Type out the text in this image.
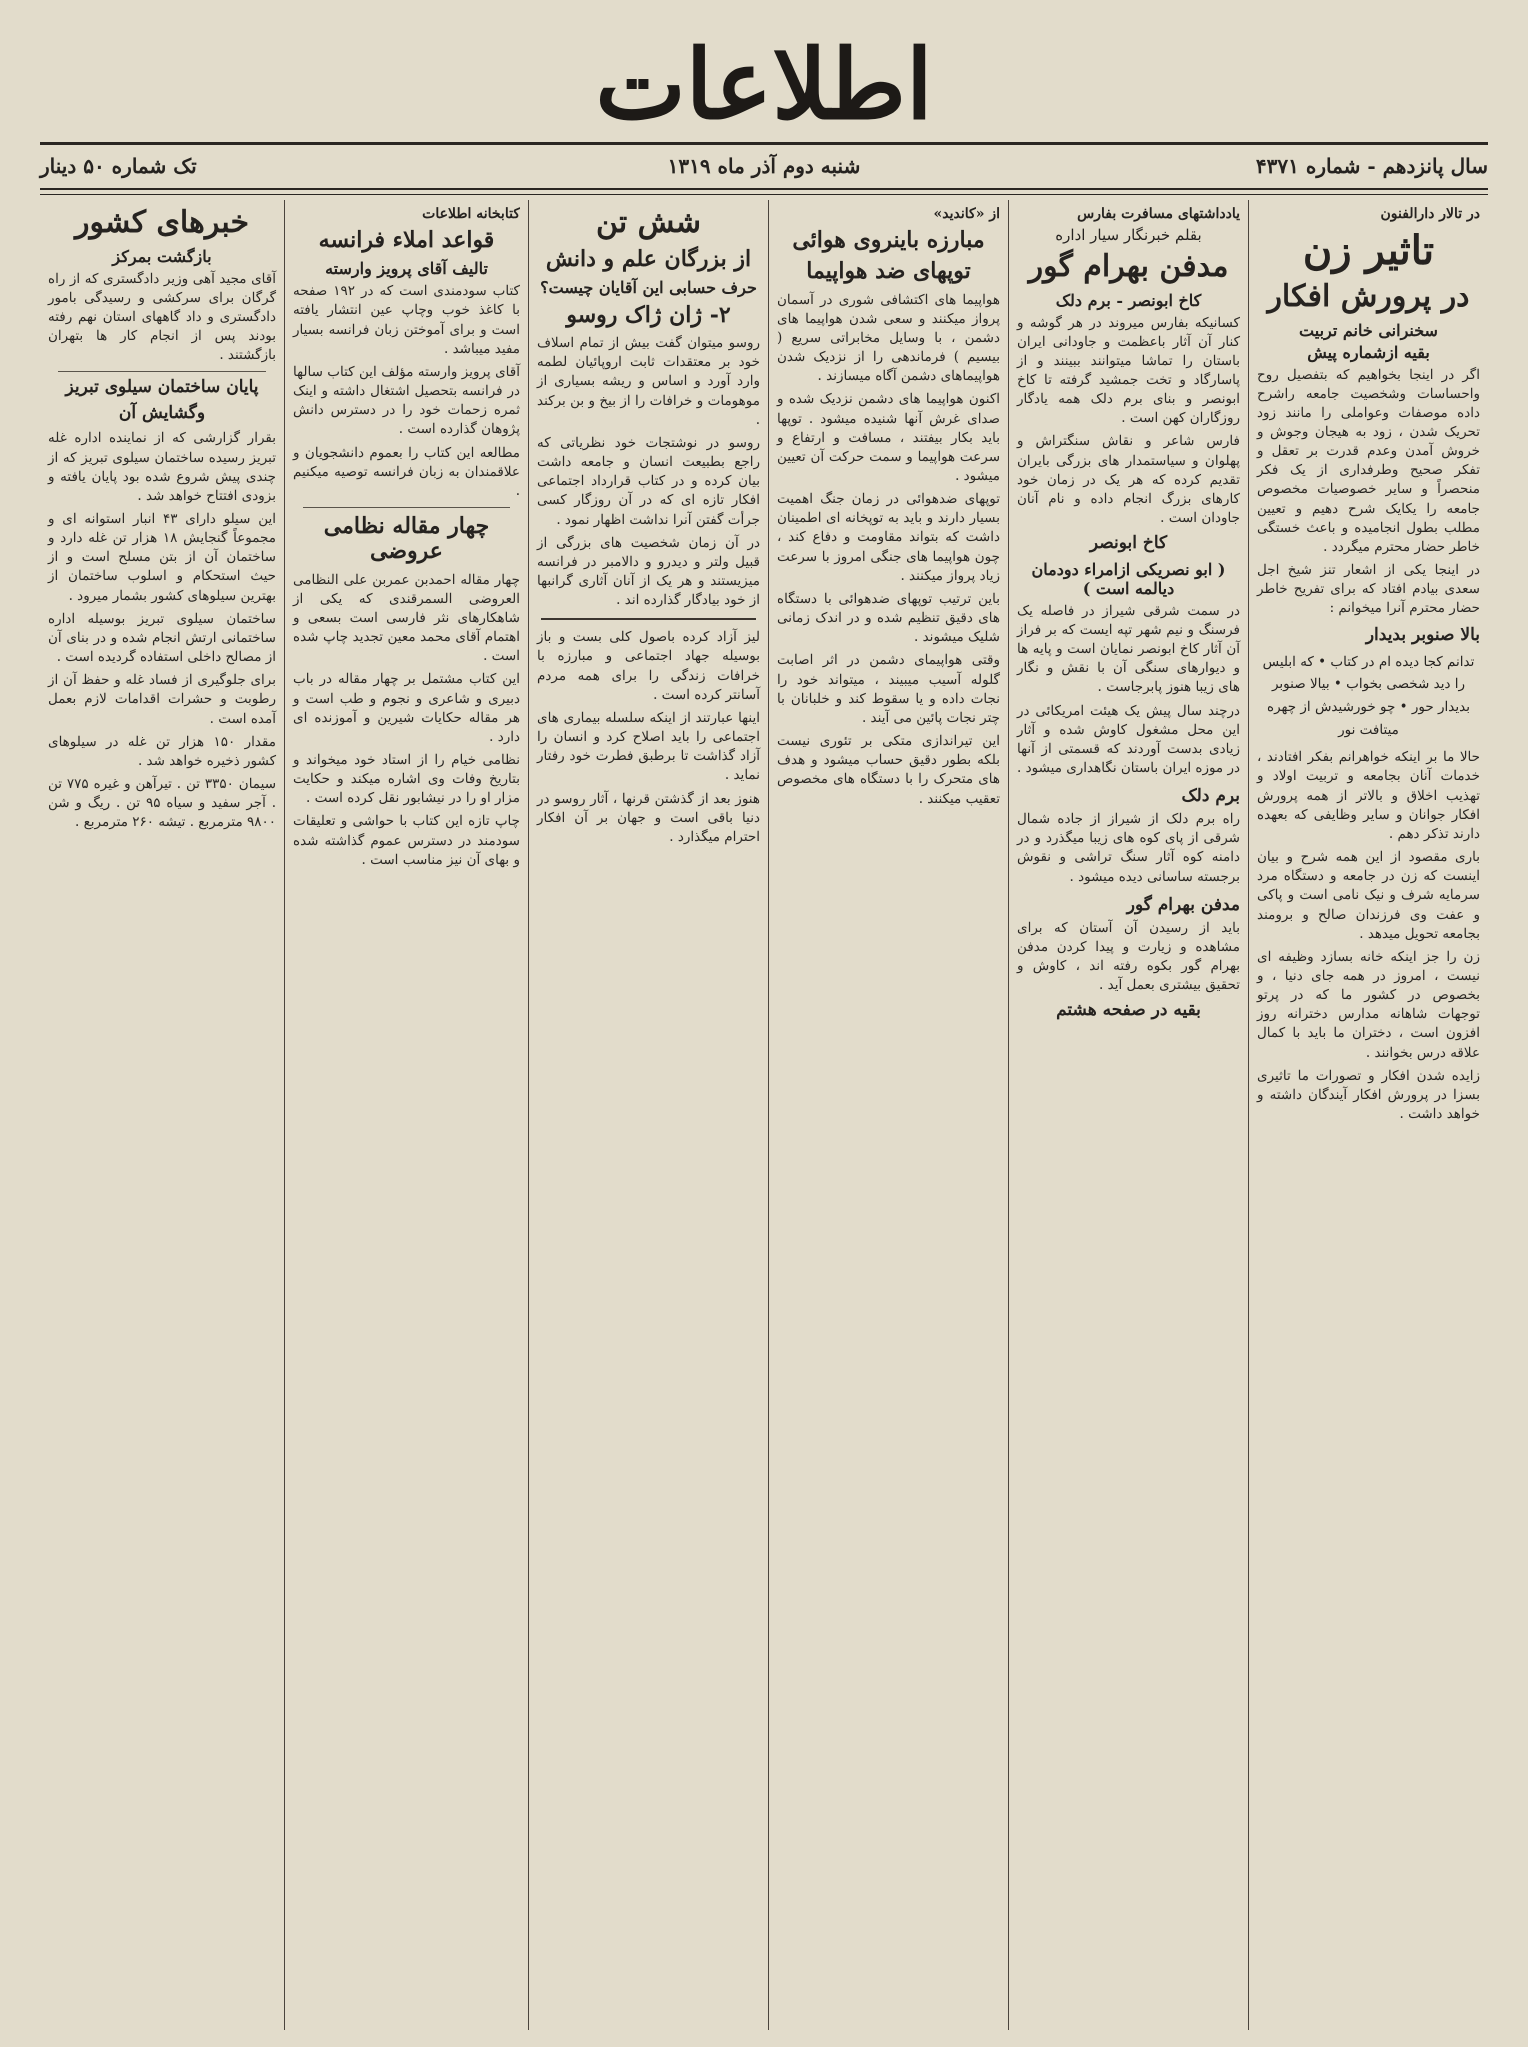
اطلاعات
سال پانزدهم - شماره ۴۳۷۱
شنبه دوم آذر ماه ۱۳۱۹
تک شماره ۵۰ دینار
در تالار دارالفنون
تاثیر زن
در پرورش افکار
سخنرانی خانم تربیت
بقیه ازشماره پیش
اگر در اینجا بخواهیم که بتفصیل روح واحساسات وشخصیت جامعه راشرح داده موصفات وعواملی را مانند زود تحریک شدن ، زود به هیجان وجوش و خروش آمدن وعدم قدرت بر تعقل و تفکر صحیح وطرفداری از یک فکر منحصراً و سایر خصوصیات مخصوص جامعه را یکایک شرح دهیم و تعیین مطلب بطول انجامیده و باعث خستگی خاطر حضار محترم میگردد .
در اینجا یکی از اشعار تنز شیخ اجل سعدی بیادم افتاد که برای تفریح خاطر حضار محترم آنرا میخوانم :
بالا صنوبر بدیدار
تدانم کجا دیده ام در کتاب • که ابلیس را دید شخصی بخواب • بیالا صنوبر بدیدار حور • چو خورشیدش از چهره میتافت نور
حالا ما بر اینکه خواهرانم بفکر افتادند ، خدمات آنان بجامعه و تربیت اولاد و تهذیب اخلاق و بالاتر از همه پرورش افکار جوانان و سایر وظایفی که بعهده دارند تذکر دهم .
باری مقصود از این همه شرح و بیان اینست که زن در جامعه و دستگاه مرد سرمایه شرف و نیک نامی است و پاکی و عفت وی فرزندان صالح و برومند بجامعه تحویل میدهد .
زن را جز اینکه خانه بسازد وظیفه ای نیست ، امروز در همه جای دنیا ، و بخصوص در کشور ما که در پرتو توجهات شاهانه مدارس دخترانه روز افزون است ، دختران ما باید با کمال علاقه درس بخوانند .
زایده شدن افکار و تصورات ما تاثیری بسزا در پرورش افکار آیندگان داشته و خواهد داشت .

یادداشتهای مسافرت بفارس
بقلم خبرنگار سیار اداره
مدفن بهرام گور
کاخ ابونصر - برم دلک
کسانیکه بفارس میروند در هر گوشه و کنار آن آثار باعظمت و جاودانی ایران باستان را تماشا میتوانند ببینند و از پاسارگاد و تخت جمشید گرفته تا کاخ ابونصر و بنای برم دلک همه یادگار روزگاران کهن است .
فارس شاعر و نقاش سنگتراش و پهلوان و سیاستمدار های بزرگی بایران تقدیم کرده که هر یک در زمان خود کارهای بزرگ انجام داده و نام آنان جاودان است .
کاخ ابونصر
( ابو نصریکی ازامراء دودمان دیالمه است )
در سمت شرقی شیراز در فاصله یک فرسنگ و نیم شهر تپه ایست که بر فراز آن آثار کاخ ابونصر نمایان است و پایه ها و دیوارهای سنگی آن با نقش و نگار های زیبا هنوز پابرجاست .
درچند سال پیش یک هیئت امریکائی در این محل مشغول کاوش شده و آثار زیادی بدست آوردند که قسمتی از آنها در موزه ایران باستان نگاهداری میشود .
برم دلک
راه برم دلک از شیراز از جاده شمال شرقی از پای کوه های زیبا میگذرد و در دامنه کوه آثار سنگ تراشی و نقوش برجسته ساسانی دیده میشود .
مدفن بهرام گور
باید از رسیدن آن آستان که برای مشاهده و زیارت و پیدا کردن مدفن بهرام گور بکوه رفته اند ، کاوش و تحقیق بیشتری بعمل آید .
بقیه در صفحه هشتم
از «کاندید»
مبارزه باینروی هوائی
توپهای ضد هواپیما
هواپیما های اکتشافی شوری در آسمان پرواز میکنند و سعی شدن هواپیما های دشمن ، با وسایل مخابراتی سریع ( بیسیم ) فرماندهی را از نزدیک شدن هواپیماهای دشمن آگاه میسازند .
اکنون هواپیما های دشمن نزدیک شده و صدای غرش آنها شنیده میشود . توپها باید بکار بیفتند ، مسافت و ارتفاع و سرعت هواپیما و سمت حرکت آن تعیین میشود .
توپهای ضدهوائی در زمان جنگ اهمیت بسیار دارند و باید به توپخانه ای اطمینان داشت که بتواند مقاومت و دفاع کند ، چون هواپیما های جنگی امروز با سرعت زیاد پرواز میکنند .
باین ترتیب توپهای ضدهوائی با دستگاه های دقیق تنظیم شده و در اندک زمانی شلیک میشوند .
وقتی هواپیمای دشمن در اثر اصابت گلوله آسیب میبیند ، میتواند خود را نجات داده و یا سقوط کند و خلبانان با چتر نجات پائین می آیند .
این تیراندازی متکی بر تئوری نیست بلکه بطور دقیق حساب میشود و هدف های متحرک را با دستگاه های مخصوص تعقیب میکنند .
شش تن
از بزرگان علم و دانش
حرف حسابی این آقایان چیست؟
۲- ژان ژاک روسو
روسو میتوان گفت بیش از تمام اسلاف خود بر معتقدات ثابت اروپائیان لطمه وارد آورد و اساس و ریشه بسیاری از موهومات و خرافات را از بیخ و بن برکند .
روسو در نوشتجات خود نظریاتی که راجع بطبیعت انسان و جامعه داشت بیان کرده و در کتاب قرارداد اجتماعی افکار تازه ای که در آن روزگار کسی جرأت گفتن آنرا نداشت اظهار نمود .
در آن زمان شخصیت های بزرگی از قبیل ولتر و دیدرو و دالامبر در فرانسه میزیستند و هر یک از آنان آثاری گرانبها از خود بیادگار گذارده اند .
لیز آزاد کرده باصول کلی بست و باز بوسیله جهاد اجتماعی و مبارزه با خرافات زندگی را برای همه مردم آسانتر کرده است .
اینها عبارتند از اینکه سلسله بیماری های اجتماعی را باید اصلاح کرد و انسان را آزاد گذاشت تا برطبق فطرت خود رفتار نماید .
هنوز بعد از گذشتن قرنها ، آثار روسو در دنیا باقی است و جهان بر آن افکار احترام میگذارد .
کتابخانه اطلاعات
قواعد املاء فرانسه
تالیف آقای پرویز وارسته
کتاب سودمندی است که در ۱۹۲ صفحه با کاغذ خوب وچاپ عین انتشار یافته است و برای آموختن زبان فرانسه بسیار مفید میباشد .
آقای پرویز وارسته مؤلف این کتاب سالها در فرانسه بتحصیل اشتغال داشته و اینک ثمره زحمات خود را در دسترس دانش پژوهان گذارده است .
مطالعه این کتاب را بعموم دانشجویان و علاقمندان به زبان فرانسه توصیه میکنیم .
چهار مقاله نظامی عروضی
چهار مقاله احمدبن عمربن علی النظامی العروضی السمرقندی که یکی از شاهکارهای نثر فارسی است بسعی و اهتمام آقای محمد معین تجدید چاپ شده است .
این کتاب مشتمل بر چهار مقاله در باب دبیری و شاعری و نجوم و طب است و هر مقاله حکایات شیرین و آموزنده ای دارد .
نظامی خیام را از استاد خود میخواند و بتاریخ وفات وی اشاره میکند و حکایت مزار او را در نیشابور نقل کرده است .
چاپ تازه این کتاب با حواشی و تعلیقات سودمند در دسترس عموم گذاشته شده و بهای آن نیز مناسب است .
خبرهای کشور
بازگشت بمرکز
آقای مجید آهی وزیر دادگستری که از راه گرگان برای سرکشی و رسیدگی بامور دادگستری و داد گاههای استان نهم رفته بودند پس از انجام کار ها بتهران بازگشتند .
پایان ساختمان سیلوی تبریز
وگشایش آن
بقرار گزارشی که از نماینده اداره غله تبریز رسیده ساختمان سیلوی تبریز که از چندی پیش شروع شده بود پایان یافته و بزودی افتتاح خواهد شد .
این سیلو دارای ۴۳ انبار استوانه ای و مجموعاً گنجایش ۱۸ هزار تن غله دارد و ساختمان آن از بتن مسلح است و از حیث استحکام و اسلوب ساختمان از بهترین سیلوهای کشور بشمار میرود .
ساختمان سیلوی تبریز بوسیله اداره ساختمانی ارتش انجام شده و در بنای آن از مصالح داخلی استفاده گردیده است .
برای جلوگیری از فساد غله و حفظ آن از رطوبت و حشرات اقدامات لازم بعمل آمده است .
مقدار ۱۵۰ هزار تن غله در سیلوهای کشور ذخیره خواهد شد .
سیمان ۳۳۵۰ تن . تیرآهن و غیره ۷۷۵ تن . آجر سفید و سیاه ۹۵ تن . ریگ و شن ۹۸۰۰ مترمربع . تیشه ۲۶۰ مترمربع .
